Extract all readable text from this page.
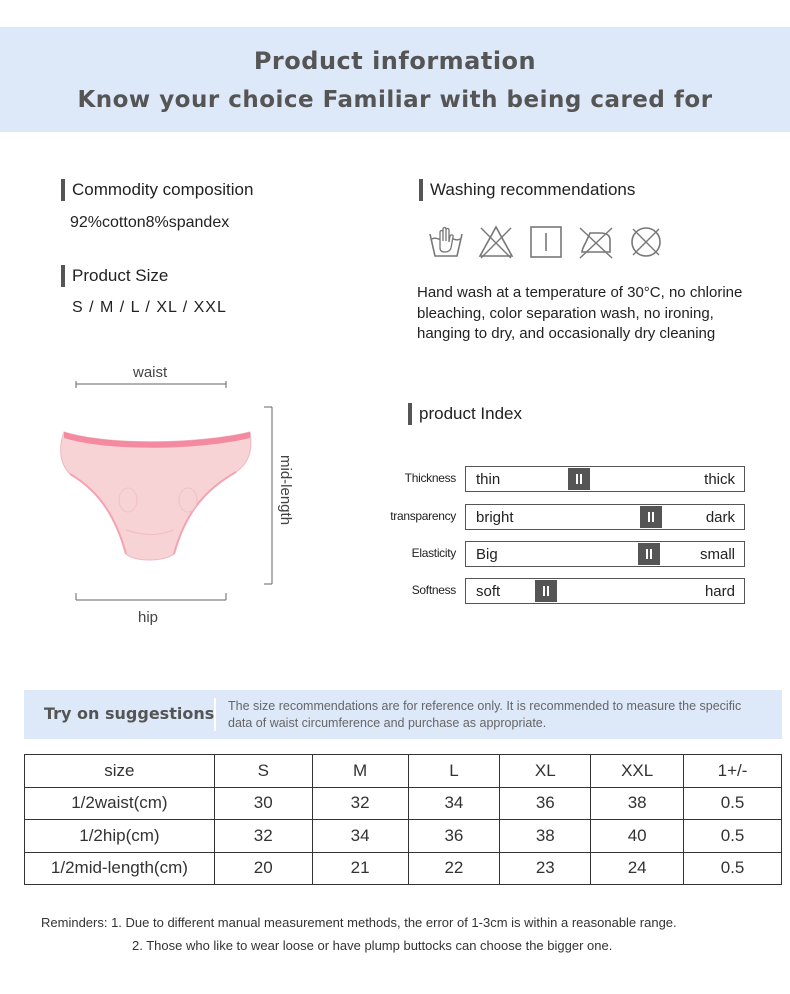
Product information
Know your choice Familiar with being cared for
Commodity composition
92%cotton8%spandex
Product Size
S / M / L / XL / XXL
waist
hip
mid-length
Washing recommendations
Hand wash at a temperature of 30°C, no chlorine bleaching, color separation wash, no ironing, hanging to dry, and occasionally dry cleaning
product Index
Thickness thin	thick
transparency bright	dark
Elasticity Big	small
Softness soft	hard
Try on suggestions The size recommendations are for reference only. It is recommended to measure the specific data of waist circumference and purchase as appropriate.
size	S	M	L	XL	XXL	1+/-
1/2waist(cm)	30	32	34	36	38	0.5
1/2hip(cm)	32	34	36	38	40	0.5
1/2mid-length(cm)	20	21	22	23	24	0.5
Reminders: 1. Due to different manual measurement methods, the error of 1-3cm is within a reasonable range.
2. Those who like to wear loose or have plump buttocks can choose the bigger one.
